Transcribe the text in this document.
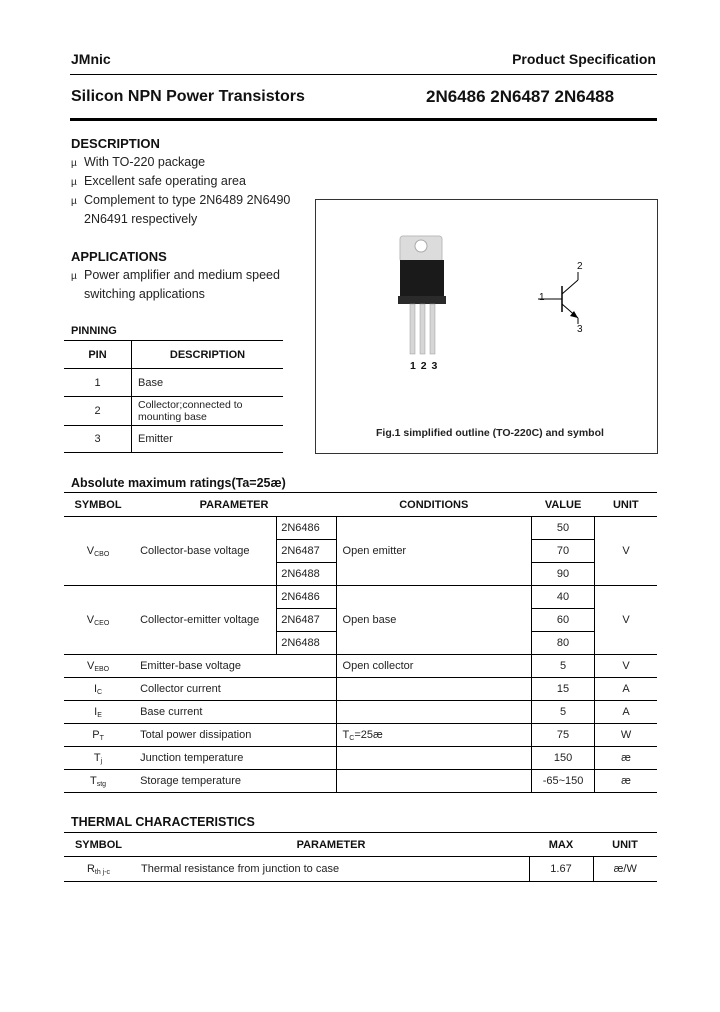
JMnic	Product Specification
Silicon NPN Power Transistors	2N6486 2N6487 2N6488
DESCRIPTION
µ With TO-220 package
µ Excellent safe operating area
µ Complement to type 2N6489 2N6490
2N6491 respectively
APPLICATIONS
µ Power amplifier and medium speed
switching applications
PINNING
PIN	DESCRIPTION
1	Base
2	Collector;connected to mounting base
3	Emitter
1 2 3
1
2
3
Fig.1 simplified outline (TO-220C) and symbol
Absolute maximum ratings(Ta=25æ)
SYMBOL	PARAMETER		CONDITIONS	VALUE	UNIT
$V_{CBO}$	Collector-base voltage	2N6486	Open emitter	50	V
		2N6487		70	
		2N6488		90	
$V_{CEO}$	Collector-emitter voltage	2N6486	Open base	40	V
		2N6487		60	
		2N6488		80	
$V_{EBO}$	Emitter-base voltage		Open collector	5	V
$I_C$	Collector current			15	A
$I_E$	Base current			5	A
$P_T$	Total power dissipation		$T_C=25æ$	75	W
$T_j$	Junction temperature			150	æ
$T_{stg}$	Storage temperature			-65~150	æ
THERMAL CHARACTERISTICS
SYMBOL	PARAMETER	MAX	UNIT
$R_{th j-c}$	Thermal resistance from junction to case	1.67	æ/W
